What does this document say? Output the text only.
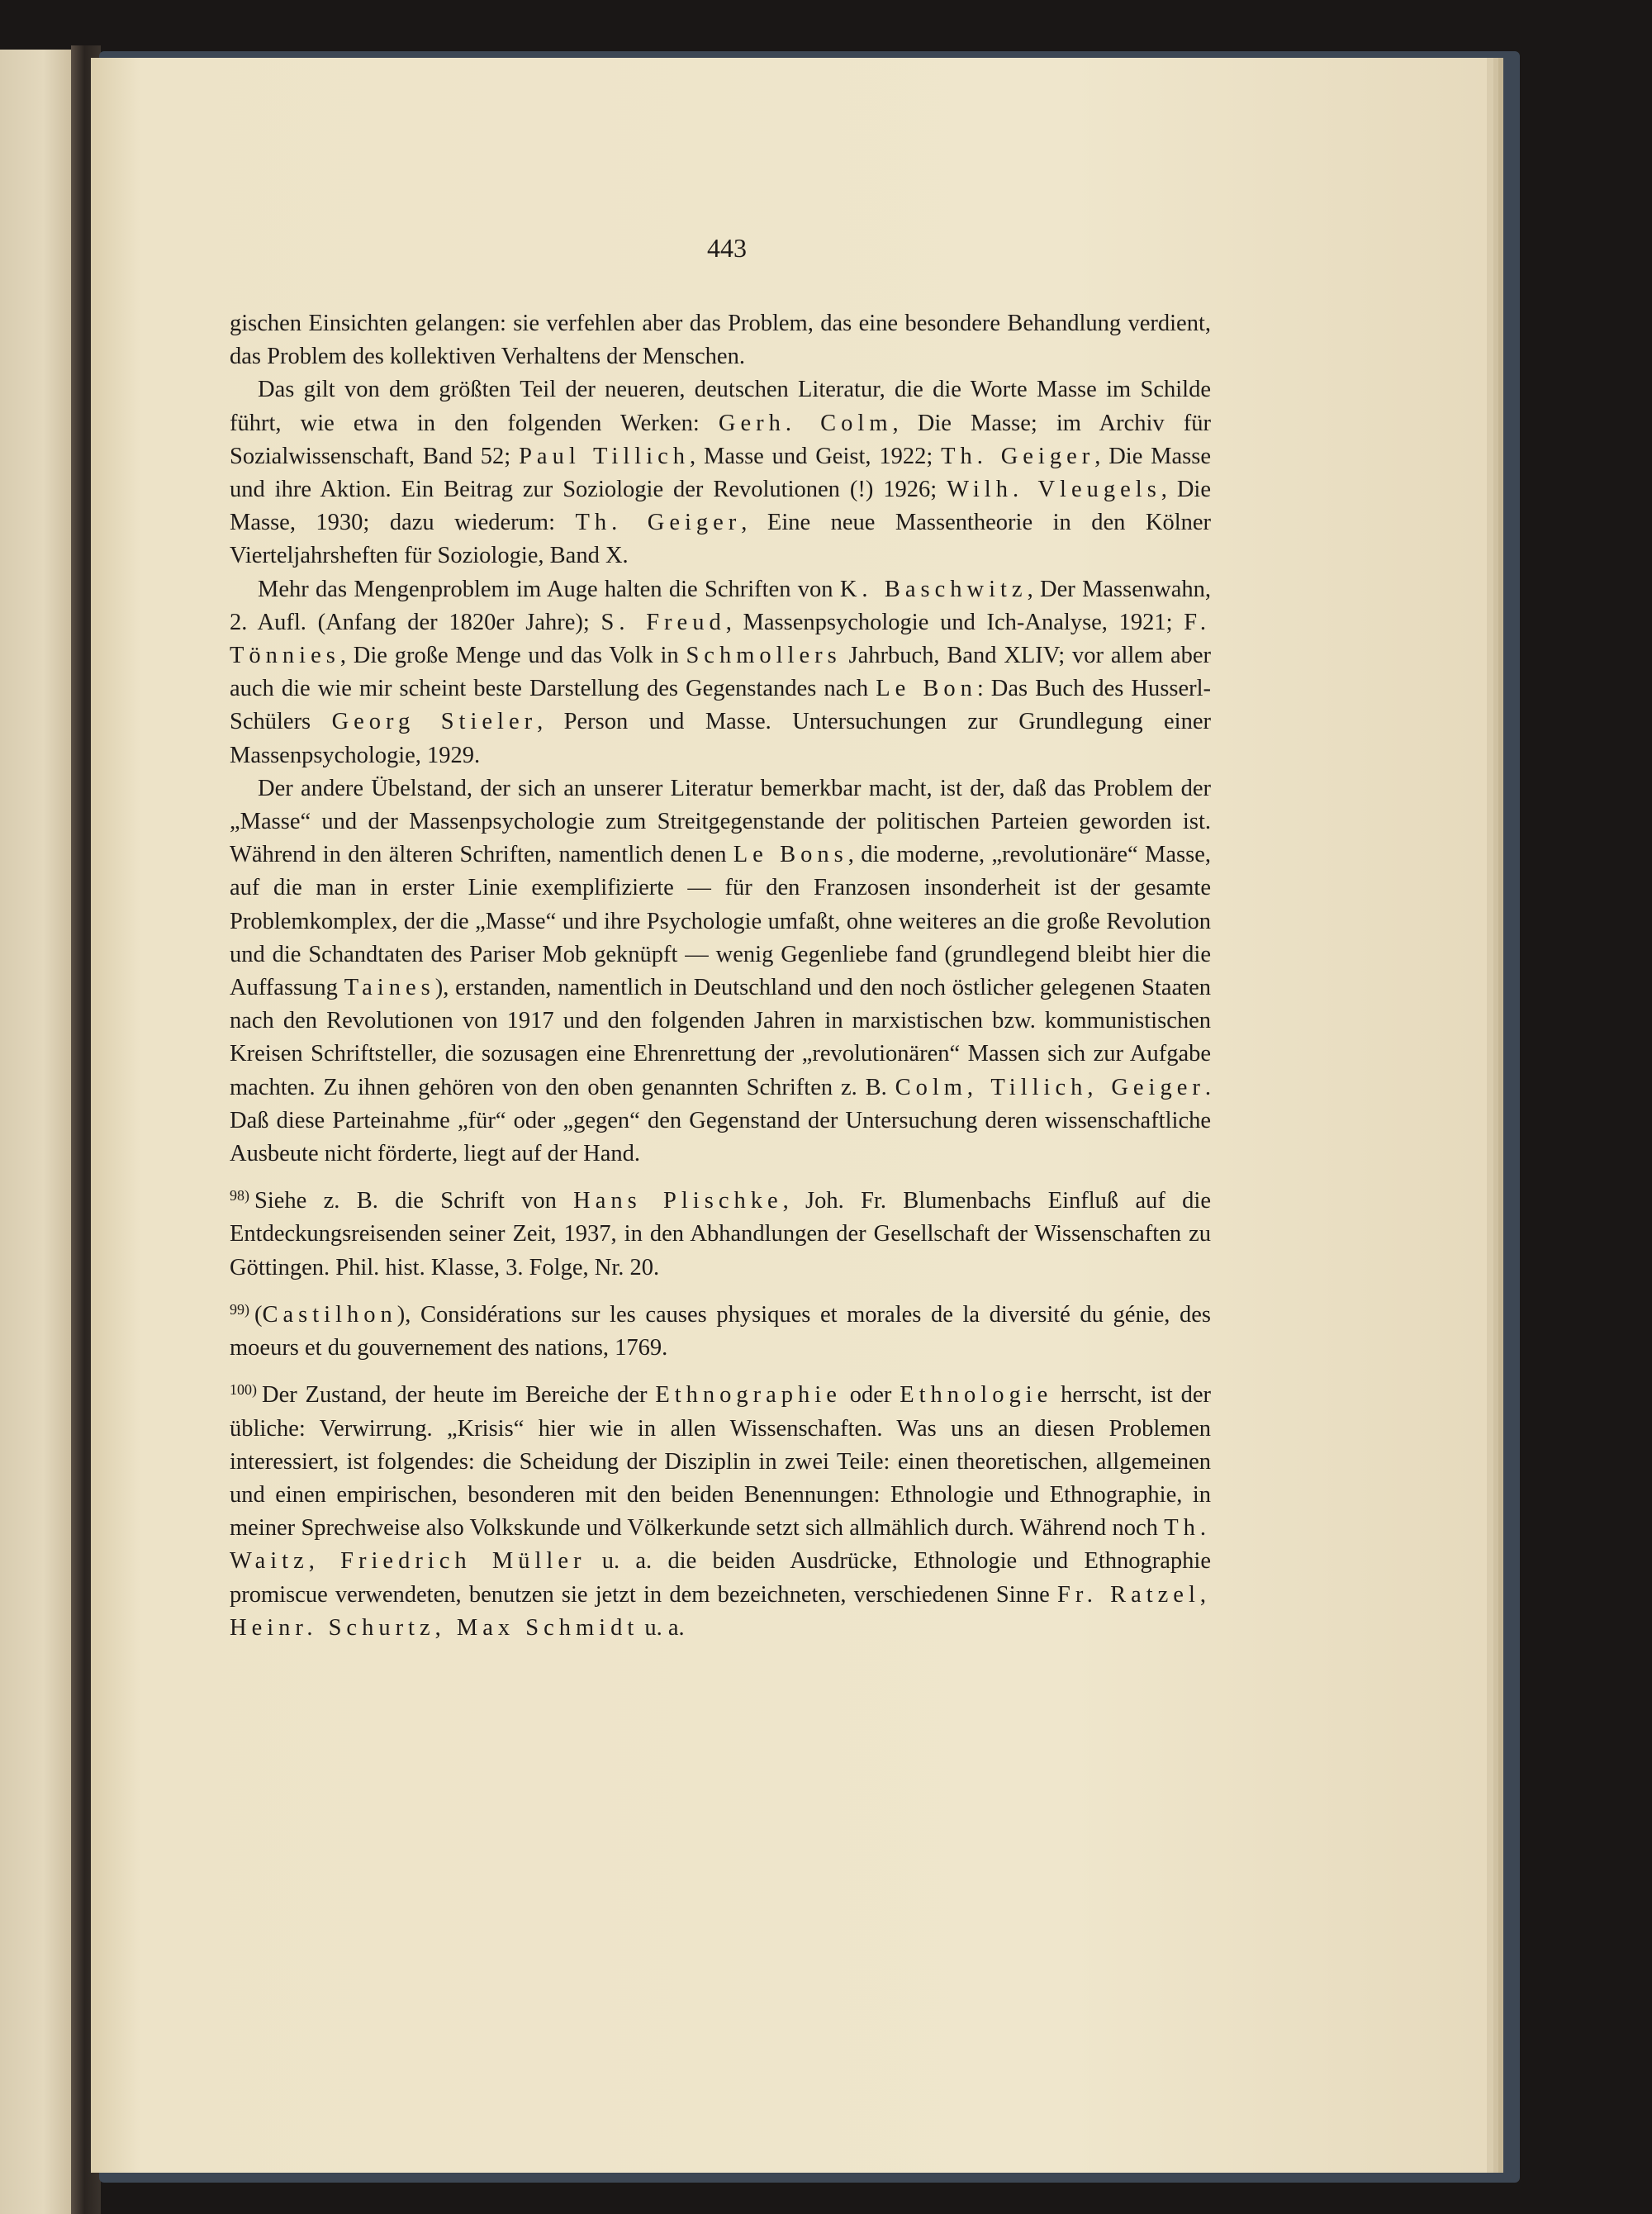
443

gischen Einsichten gelangen: sie verfehlen aber das Problem, das eine besondere Behandlung verdient, das Problem des kollektiven Verhaltens der Menschen.

Das gilt von dem größten Teil der neueren, deutschen Literatur, die die Worte Masse im Schilde führt, wie etwa in den folgenden Werken: Gerh. Colm, Die Masse; im Archiv für Sozialwissenschaft, Band 52; Paul Tillich, Masse und Geist, 1922; Th. Geiger, Die Masse und ihre Aktion. Ein Beitrag zur Soziologie der Revolutionen (!) 1926; Wilh. Vleugels, Die Masse, 1930; dazu wiederum: Th. Geiger, Eine neue Massentheorie in den Kölner Vierteljahrsheften für Soziologie, Band X.

Mehr das Mengenproblem im Auge halten die Schriften von K. Baschwitz, Der Massenwahn, 2. Aufl. (Anfang der 1820er Jahre); S. Freud, Massenpsychologie und Ich-Analyse, 1921; F. Tönnies, Die große Menge und das Volk in Schmollers Jahrbuch, Band XLIV; vor allem aber auch die wie mir scheint beste Darstellung des Gegenstandes nach Le Bon: Das Buch des Husserl-Schülers Georg Stieler, Person und Masse. Untersuchungen zur Grundlegung einer Massenpsychologie, 1929.

Der andere Übelstand, der sich an unserer Literatur bemerkbar macht, ist der, daß das Problem der „Masse“ und der Massenpsychologie zum Streitgegenstande der politischen Parteien geworden ist. Während in den älteren Schriften, namentlich denen Le Bons, die moderne, „revolutionäre“ Masse, auf die man in erster Linie exemplifizierte — für den Franzosen insonderheit ist der gesamte Problemkomplex, der die „Masse“ und ihre Psychologie umfaßt, ohne weiteres an die große Revolution und die Schandtaten des Pariser Mob geknüpft — wenig Gegenliebe fand (grundlegend bleibt hier die Auffassung Taines), erstanden, namentlich in Deutschland und den noch östlicher gelegenen Staaten nach den Revolutionen von 1917 und den folgenden Jahren in marxistischen bzw. kommunistischen Kreisen Schriftsteller, die sozusagen eine Ehrenrettung der „revolutionären“ Massen sich zur Aufgabe machten. Zu ihnen gehören von den oben genannten Schriften z. B. Colm, Tillich, Geiger. Daß diese Parteinahme „für“ oder „gegen“ den Gegenstand der Untersuchung deren wissenschaftliche Ausbeute nicht förderte, liegt auf der Hand.

$^{98)}$ Siehe z. B. die Schrift von Hans Plischke, Joh. Fr. Blumenbachs Einfluß auf die Entdeckungsreisenden seiner Zeit, 1937, in den Abhandlungen der Gesellschaft der Wissenschaften zu Göttingen. Phil. hist. Klasse, 3. Folge, Nr. 20.

$^{99)}$ (Castilhon), Considérations sur les causes physiques et morales de la diversité du génie, des moeurs et du gouvernement des nations, 1769.

$^{100)}$ Der Zustand, der heute im Bereiche der Ethnographie oder Ethnologie herrscht, ist der übliche: Verwirrung. „Krisis“ hier wie in allen Wissenschaften. Was uns an diesen Problemen interessiert, ist folgendes: die Scheidung der Disziplin in zwei Teile: einen theoretischen, allgemeinen und einen empirischen, besonderen mit den beiden Benennungen: Ethnologie und Ethnographie, in meiner Sprechweise also Volkskunde und Völkerkunde setzt sich allmählich durch. Während noch Th. Waitz, Friedrich Müller u. a. die beiden Ausdrücke, Ethnologie und Ethnographie promiscue verwendeten, benutzen sie jetzt in dem bezeichneten, verschiedenen Sinne Fr. Ratzel, Heinr. Schurtz, Max Schmidt u. a.
